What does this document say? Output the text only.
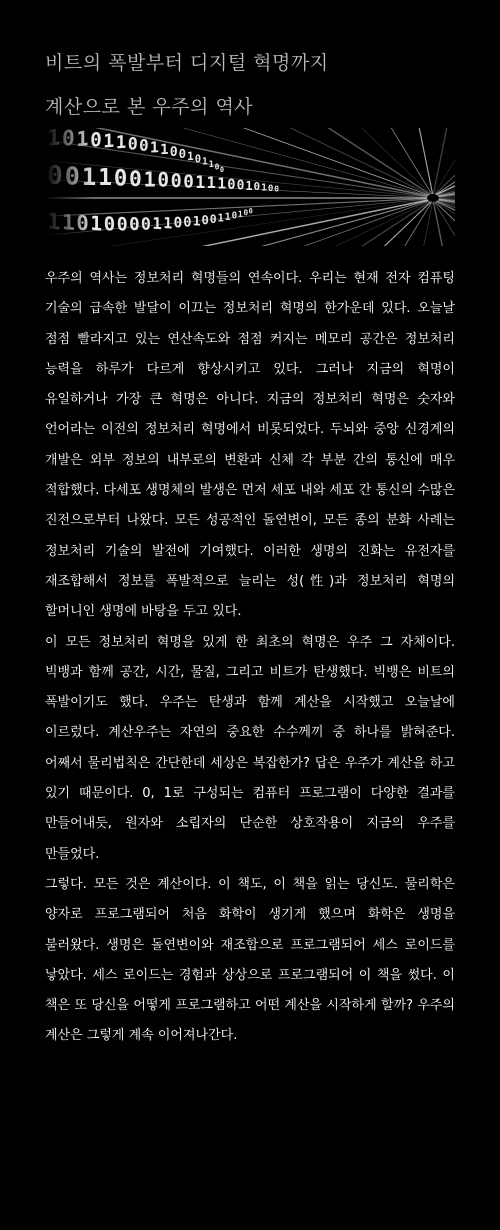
비트의 폭발부터 디지털 혁명까지
계산으로 본 우주의 역사

우주의 역사는 정보처리 혁명들의 연속이다. 우리는 현재 전자 컴퓨팅 기술의 급속한 발달이 이끄는 정보처리 혁명의 한가운데 있다. 오늘날 점점 빨라지고 있는 연산속도와 점점 커지는 메모리 공간은 정보처리 능력을 하루가 다르게 향상시키고 있다. 그러나 지금의 혁명이 유일하거나 가장 큰 혁명은 아니다. 지금의 정보처리 혁명은 숫자와 언어라는 이전의 정보처리 혁명에서 비롯되었다. 두뇌와 중앙 신경계의 개발은 외부 정보의 내부로의 변환과 신체 각 부분 간의 통신에 매우 적합했다. 다세포 생명체의 발생은 먼저 세포 내와 세포 간 통신의 수많은 진전으로부터 나왔다. 모든 성공적인 돌연변이, 모든 종의 분화 사례는 정보처리 기술의 발전에 기여했다. 이러한 생명의 진화는 유전자를 재조합해서 정보를 폭발적으로 늘리는 성(性)과 정보처리 혁명의 할머니인 생명에 바탕을 두고 있다.

이 모든 정보처리 혁명을 있게 한 최초의 혁명은 우주 그 자체이다. 빅뱅과 함께 공간, 시간, 물질, 그리고 비트가 탄생했다. 빅뱅은 비트의 폭발이기도 했다. 우주는 탄생과 함께 계산을 시작했고 오늘날에 이르렀다. 계산우주는 자연의 중요한 수수께끼 중 하나를 밝혀준다. 어째서 물리법칙은 간단한데 세상은 복잡한가? 답은 우주가 계산을 하고 있기 때문이다. 0, 1로 구성되는 컴퓨터 프로그램이 다양한 결과를 만들어내듯, 원자와 소립자의 단순한 상호작용이 지금의 우주를 만들었다.

그렇다. 모든 것은 계산이다. 이 책도, 이 책을 읽는 당신도. 물리학은 양자로 프로그램되어 처음 화학이 생기게 했으며 화학은 생명을 불러왔다. 생명은 돌연변이와 재조합으로 프로그램되어 세스 로이드를 낳았다. 세스 로이드는 경험과 상상으로 프로그램되어 이 책을 썼다. 이 책은 또 당신을 어떻게 프로그램하고 어떤 계산을 시작하게 할까? 우주의 계산은 그렇게 계속 이어져나간다.
